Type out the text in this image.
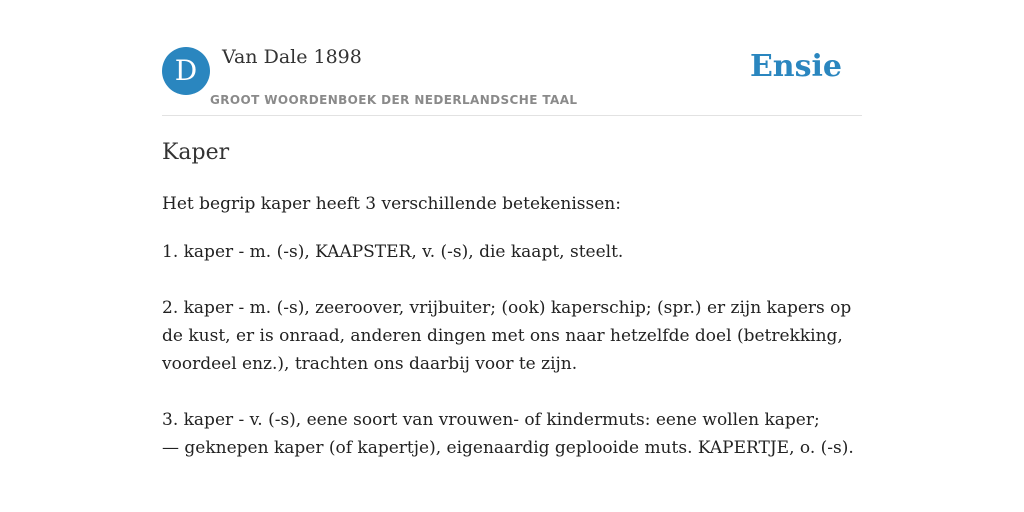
D	Van Dale 1898
GROOT WOORDENBOEK DER NEDERLANDSCHE TAAL
Ensie
Kaper

Het begrip kaper heeft 3 verschillende betekenissen:

1. kaper - m. (-s), KAAPSTER, v. (-s), die kaapt, steelt.

2. kaper - m. (-s), zeeroover, vrijbuiter; (ook) kaperschip; (spr.) er zijn kapers op
de kust, er is onraad, anderen dingen met ons naar hetzelfde doel (betrekking,
voordeel enz.), trachten ons daarbij voor te zijn.

3. kaper - v. (-s), eene soort van vrouwen- of kindermuts: eene wollen kaper;
— geknepen kaper (of kapertje), eigenaardig geplooide muts. KAPERTJE, o. (-s).
